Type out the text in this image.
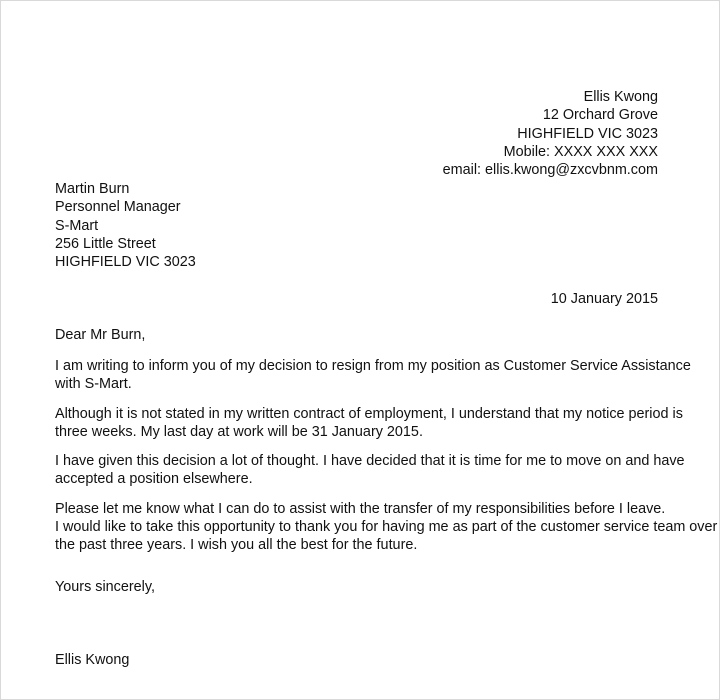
Ellis Kwong
12 Orchard Grove
HIGHFIELD VIC 3023
Mobile: XXXX XXX XXX
email: ellis.kwong@zxcvbnm.com
Martin Burn
Personnel Manager
S-Mart
256 Little Street
HIGHFIELD VIC 3023
10 January 2015
Dear Mr Burn,

I am writing to inform you of my decision to resign from my position as Customer Service Assistance
with S-Mart.

Although it is not stated in my written contract of employment, I understand that my notice period is
three weeks. My last day at work will be 31 January 2015.

I have given this decision a lot of thought. I have decided that it is time for me to move on and have
accepted a position elsewhere.

Please let me know what I can do to assist with the transfer of my responsibilities before I leave.
I would like to take this opportunity to thank you for having me as part of the customer service team over
the past three years. I wish you all the best for the future.

Yours sincerely,
Ellis Kwong
